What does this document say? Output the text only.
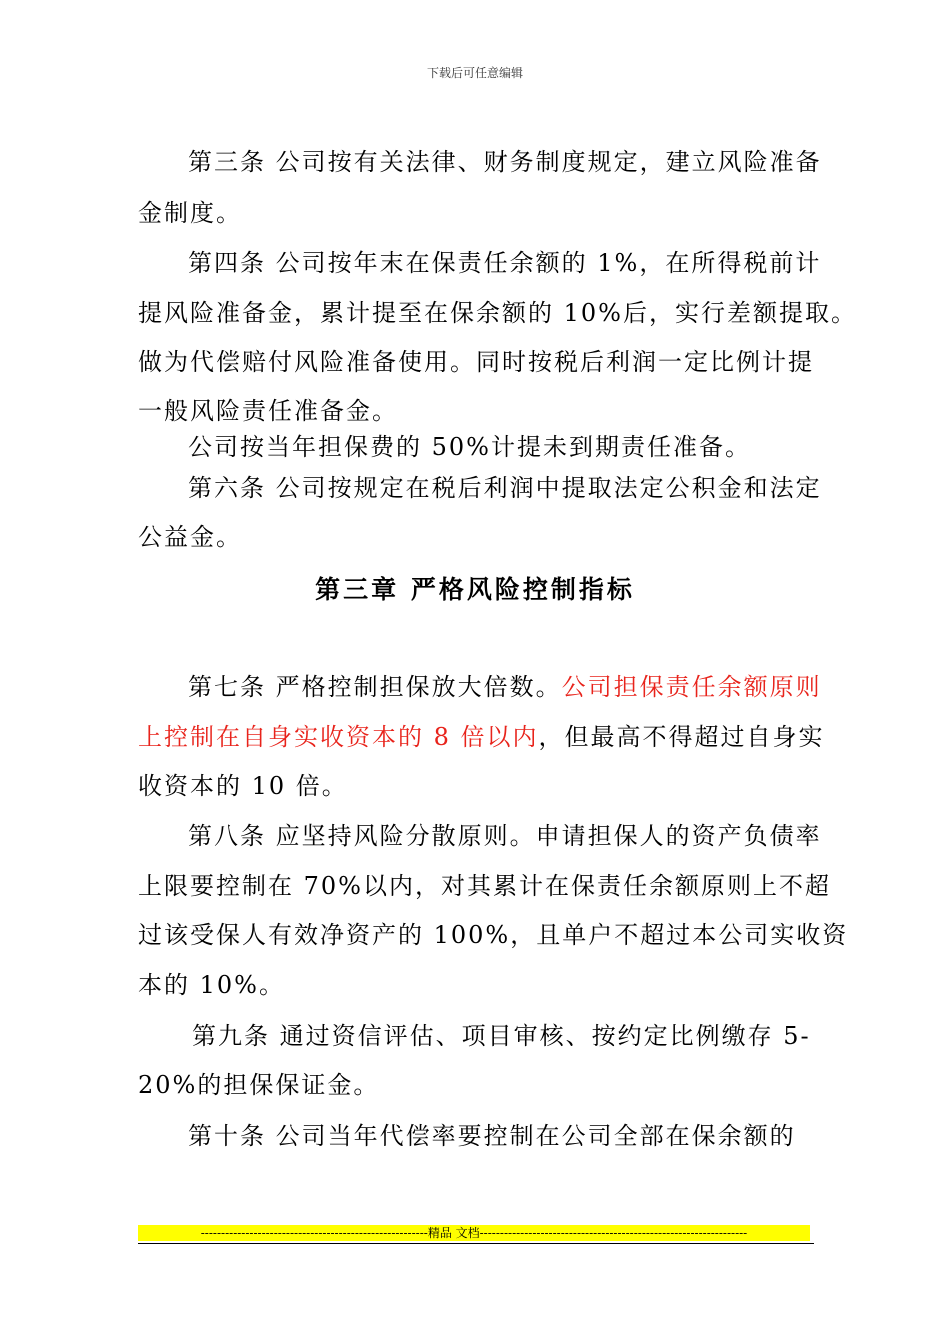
下载后可任意编辑
第三条 公司按有关法律、财务制度规定，建立风险准备
金制度。
第四条 公司按年末在保责任余额的 1%，在所得税前计
提风险准备金，累计提至在保余额的 10%后，实行差额提取。
做为代偿赔付风险准备使用。同时按税后利润一定比例计提
一般风险责任准备金。
公司按当年担保费的 50%计提未到期责任准备。
第六条 公司按规定在税后利润中提取法定公积金和法定
公益金。
第三章 严格风险控制指标
第七条 严格控制担保放大倍数。公司担保责任余额原则
上控制在自身实收资本的 8 倍以内，但最高不得超过自身实
收资本的 10 倍。
第八条 应坚持风险分散原则。申请担保人的资产负债率
上限要控制在 70%以内，对其累计在保责任余额原则上不超
过该受保人有效净资产的 100%，且单户不超过本公司实收资
本的 10%。
第九条 通过资信评估、项目审核、按约定比例缴存 5-
20%的担保保证金。
第十条 公司当年代偿率要控制在公司全部在保余额的
--------------------------------------------------------精品 文档------------------------------------------------------------------
